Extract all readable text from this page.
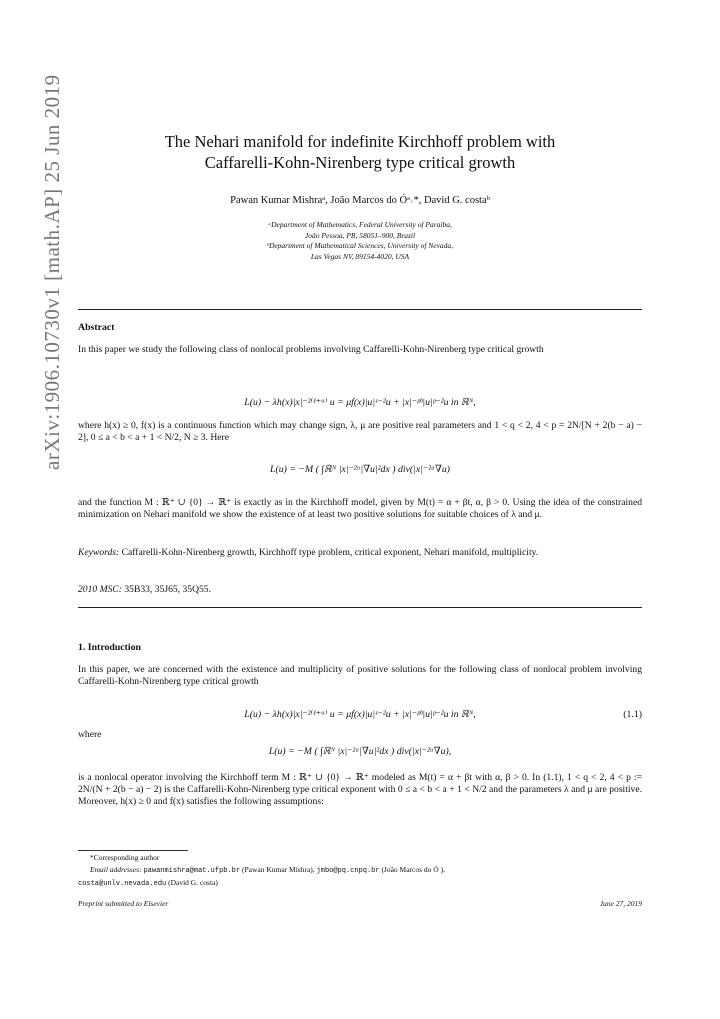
arXiv:1906.10730v1 [math.AP] 25 Jun 2019	The Nehari manifold for indefinite Kirchhoff problem with
Caffarelli-Kohn-Nirenberg type critical growth
Pawan Kumar Mishraᵃ, João Marcos do Óᵃ˒*, David G. costaᵇ
ᵃDepartment of Mathematics, Federal University of Paraíba,
João Pessoa, PB, 58051–900, Brazil
ᵇDepartment of Mathematical Sciences, University of Nevada,
Las Vegas NV, 89154-4020, USA
Abstract
In this paper we study the following class of nonlocal problems involving Caffarelli-Kohn-Nirenberg type critical growth
L(u) − λh(x)|x|⁻²⁽¹⁺ᵃ⁾ u = μf(x)|u|ᶝ⁻²u + |x|⁻ᵖᵇ|u|ᵖ⁻²u in ℝᴺ,
where h(x) ≥ 0, f(x) is a continuous function which may change sign, λ, μ are positive real parameters and 1 < q < 2, 4 < p = 2N/[N + 2(b − a) − 2], 0 ≤ a < b < a + 1 < N/2, N ≥ 3. Here
L(u) = −M ( ∫ℝᴺ |x|⁻²ᵃ|∇u|²dx ) div(|x|⁻²ᵃ∇u)
and the function M : ℝ⁺ ∪ {0} → ℝ⁺ is exactly as in the Kirchhoff model, given by M(t) = α + βt, α, β > 0. Using the idea of the constrained minimization on Nehari manifold we show the existence of at least two positive solutions for suitable choices of λ and μ.
Keywords: Caffarelli-Kohn-Nirenberg growth, Kirchhoff type problem, critical exponent, Nehari manifold, multiplicity.
2010 MSC: 35B33, 35J65, 35Q55.
1. Introduction
In this paper, we are concerned with the existence and multiplicity of positive solutions for the following class of nonlocal problem involving Caffarelli-Kohn-Nirenberg type critical growth
L(u) − λh(x)|x|⁻²⁽¹⁺ᵃ⁾ u = μf(x)|u|ᶝ⁻²u + |x|⁻ᵖᵇ|u|ᵖ⁻²u in ℝᴺ,	(1.1)
where
L(u) = −M ( ∫ℝᴺ |x|⁻²ᵃ|∇u|²dx ) div(|x|⁻²ᵃ∇u),
is a nonlocal operator involving the Kirchhoff term M : ℝ⁺ ∪ {0} → ℝ⁺ modeled as M(t) = α + βt with α, β > 0. In (1.1), 1 < q < 2, 4 < p := 2N/(N + 2(b − a) − 2) is the Caffarelli-Kohn-Nirenberg type critical exponent with 0 ≤ a < b < a + 1 < N/2 and the parameters λ and μ are positive. Moreover, h(x) ≥ 0 and f(x) satisfies the following assumptions:
*Corresponding author
Email addresses: pawanmishra@mat.ufpb.br (Pawan Kumar Mishra), jmbo@pq.cnpq.br (João Marcos do Ó ),
costa@unlv.nevada.edu (David G. costa)
Preprint submitted to Elsevier	June 27, 2019
